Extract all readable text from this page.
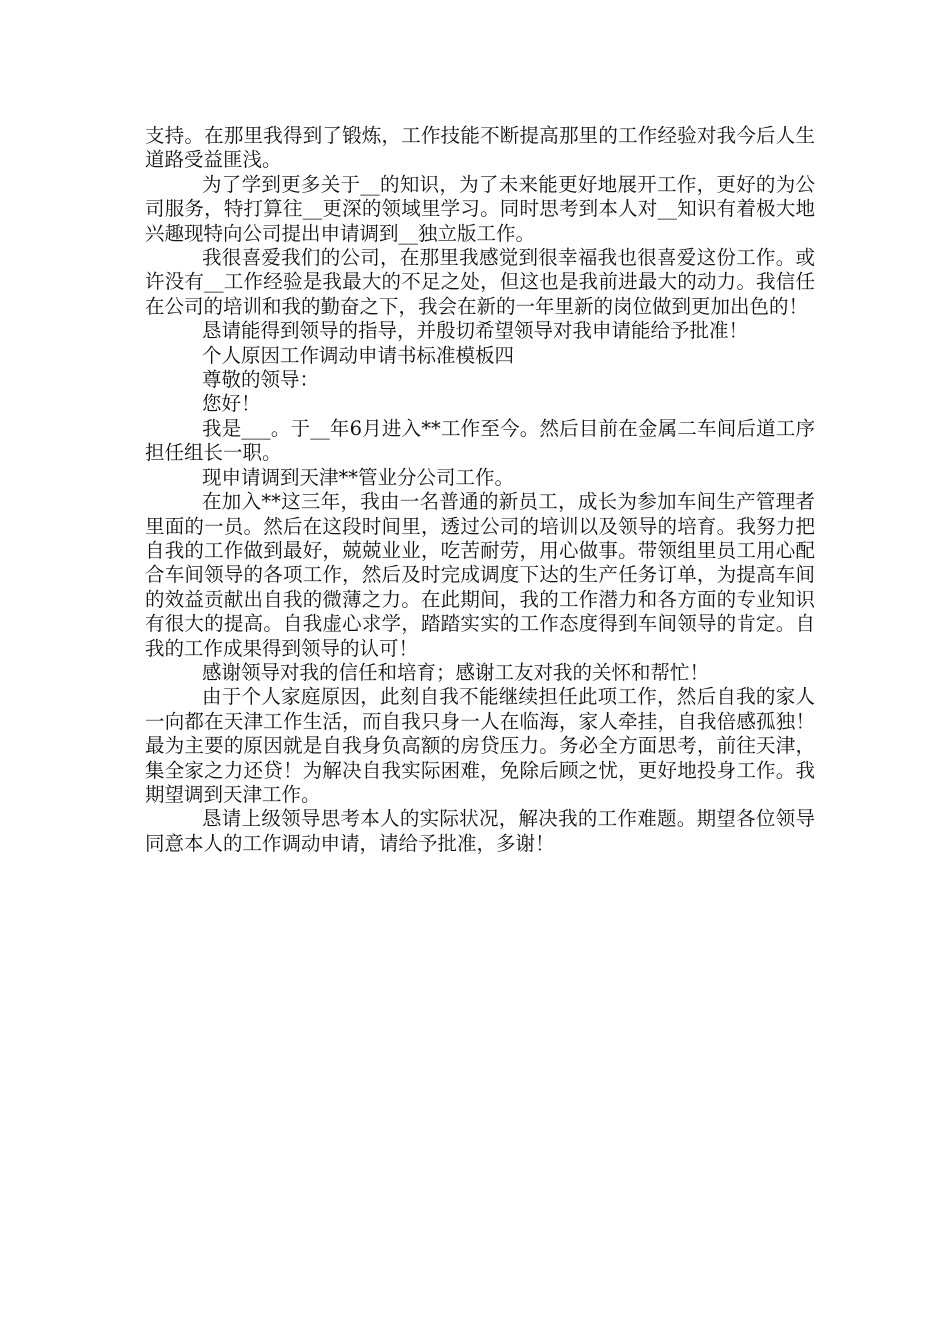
支持。在那里我得到了锻炼，工作技能不断提高那里的工作经验对我今后人生道路受益匪浅。

为了学到更多关于__的知识，为了未来能更好地展开工作，更好的为公司服务，特打算往__更深的领域里学习。同时思考到本人对__知识有着极大地兴趣现特向公司提出申请调到__独立版工作。

我很喜爱我们的公司，在那里我感觉到很幸福我也很喜爱这份工作。或许没有__工作经验是我最大的不足之处，但这也是我前进最大的动力。我信任在公司的培训和我的勤奋之下，我会在新的一年里新的岗位做到更加出色的！

恳请能得到领导的指导，并殷切希望领导对我申请能给予批准！

个人原因工作调动申请书标准模板四

尊敬的领导：

您好！

我是___。于__年6月进入**工作至今。然后目前在金属二车间后道工序担任组长一职。

现申请调到天津**管业分公司工作。

在加入**这三年，我由一名普通的新员工，成长为参加车间生产管理者里面的一员。然后在这段时间里，透过公司的培训以及领导的培育。我努力把自我的工作做到最好，兢兢业业，吃苦耐劳，用心做事。带领组里员工用心配合车间领导的各项工作，然后及时完成调度下达的生产任务订单，为提高车间的效益贡献出自我的微薄之力。在此期间，我的工作潜力和各方面的专业知识有很大的提高。自我虚心求学，踏踏实实的工作态度得到车间领导的肯定。自我的工作成果得到领导的认可！

感谢领导对我的信任和培育；感谢工友对我的关怀和帮忙！

由于个人家庭原因，此刻自我不能继续担任此项工作，然后自我的家人一向都在天津工作生活，而自我只身一人在临海，家人牵挂，自我倍感孤独！最为主要的原因就是自我身负高额的房贷压力。务必全方面思考，前往天津，集全家之力还贷！为解决自我实际困难，免除后顾之忧，更好地投身工作。我期望调到天津工作。

恳请上级领导思考本人的实际状况，解决我的工作难题。期望各位领导同意本人的工作调动申请，请给予批准，多谢！
